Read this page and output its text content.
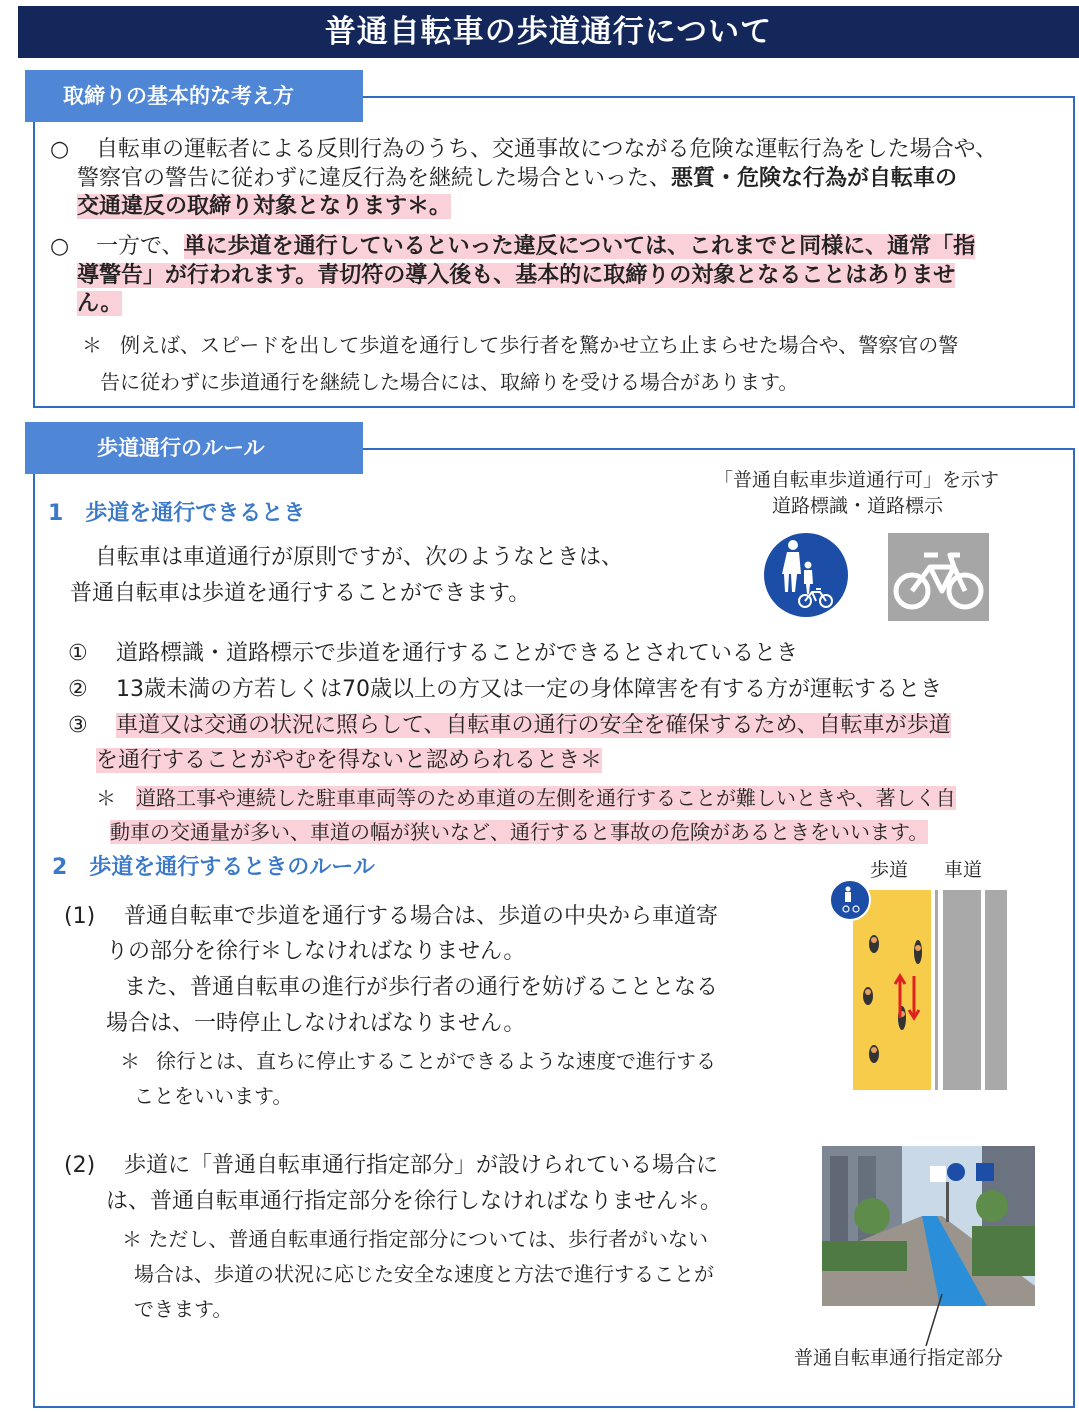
普通自転車の歩道通行について
取締りの基本的な考え方
○ 自転車の運転者による反則行為のうち、交通事故につながる危険な運転行為をした場合や、
警察官の警告に従わずに違反行為を継続した場合といった、悪質・危険な行為が自転車の
交通違反の取締り対象となります＊。
○ 一方で、単に歩道を通行しているといった違反については、これまでと同様に、通常「指
導警告」が行われます。青切符の導入後も、基本的に取締りの対象となることはありませ
ん。
＊ 例えば、スピードを出して歩道を通行して歩行者を驚かせ立ち止まらせた場合や、警察官の警
告に従わずに歩道通行を継続した場合には、取締りを受ける場合があります。
歩道通行のルール
「普通自転車歩道通行可」を示す
道路標識・道路標示
1　歩道を通行できるとき
自転車は車道通行が原則ですが、次のようなときは、
普通自転車は歩道を通行することができます。
① 道路標識・道路標示で歩道を通行することができるとされているとき
② 13歳未満の方若しくは70歳以上の方又は一定の身体障害を有する方が運転するとき
③ 車道又は交通の状況に照らして、自転車の通行の安全を確保するため、自転車が歩道
を通行することがやむを得ないと認められるとき＊
＊ 道路工事や連続した駐車車両等のため車道の左側を通行することが難しいときや、著しく自
動車の交通量が多い、車道の幅が狭いなど、通行すると事故の危険があるときをいいます。
2　歩道を通行するときのルール	歩道 車道
(1) 普通自転車で歩道を通行する場合は、歩道の中央から車道寄
りの部分を徐行＊しなければなりません。
また、普通自転車の進行が歩行者の通行を妨げることとなる
場合は、一時停止しなければなりません。
＊ 徐行とは、直ちに停止することができるような速度で進行する
ことをいいます。
(2) 歩道に「普通自転車通行指定部分」が設けられている場合に
は、普通自転車通行指定部分を徐行しなければなりません＊。
＊ ただし、普通自転車通行指定部分については、歩行者がいない
場合は、歩道の状況に応じた安全な速度と方法で進行することが
できます。
普通自転車通行指定部分
